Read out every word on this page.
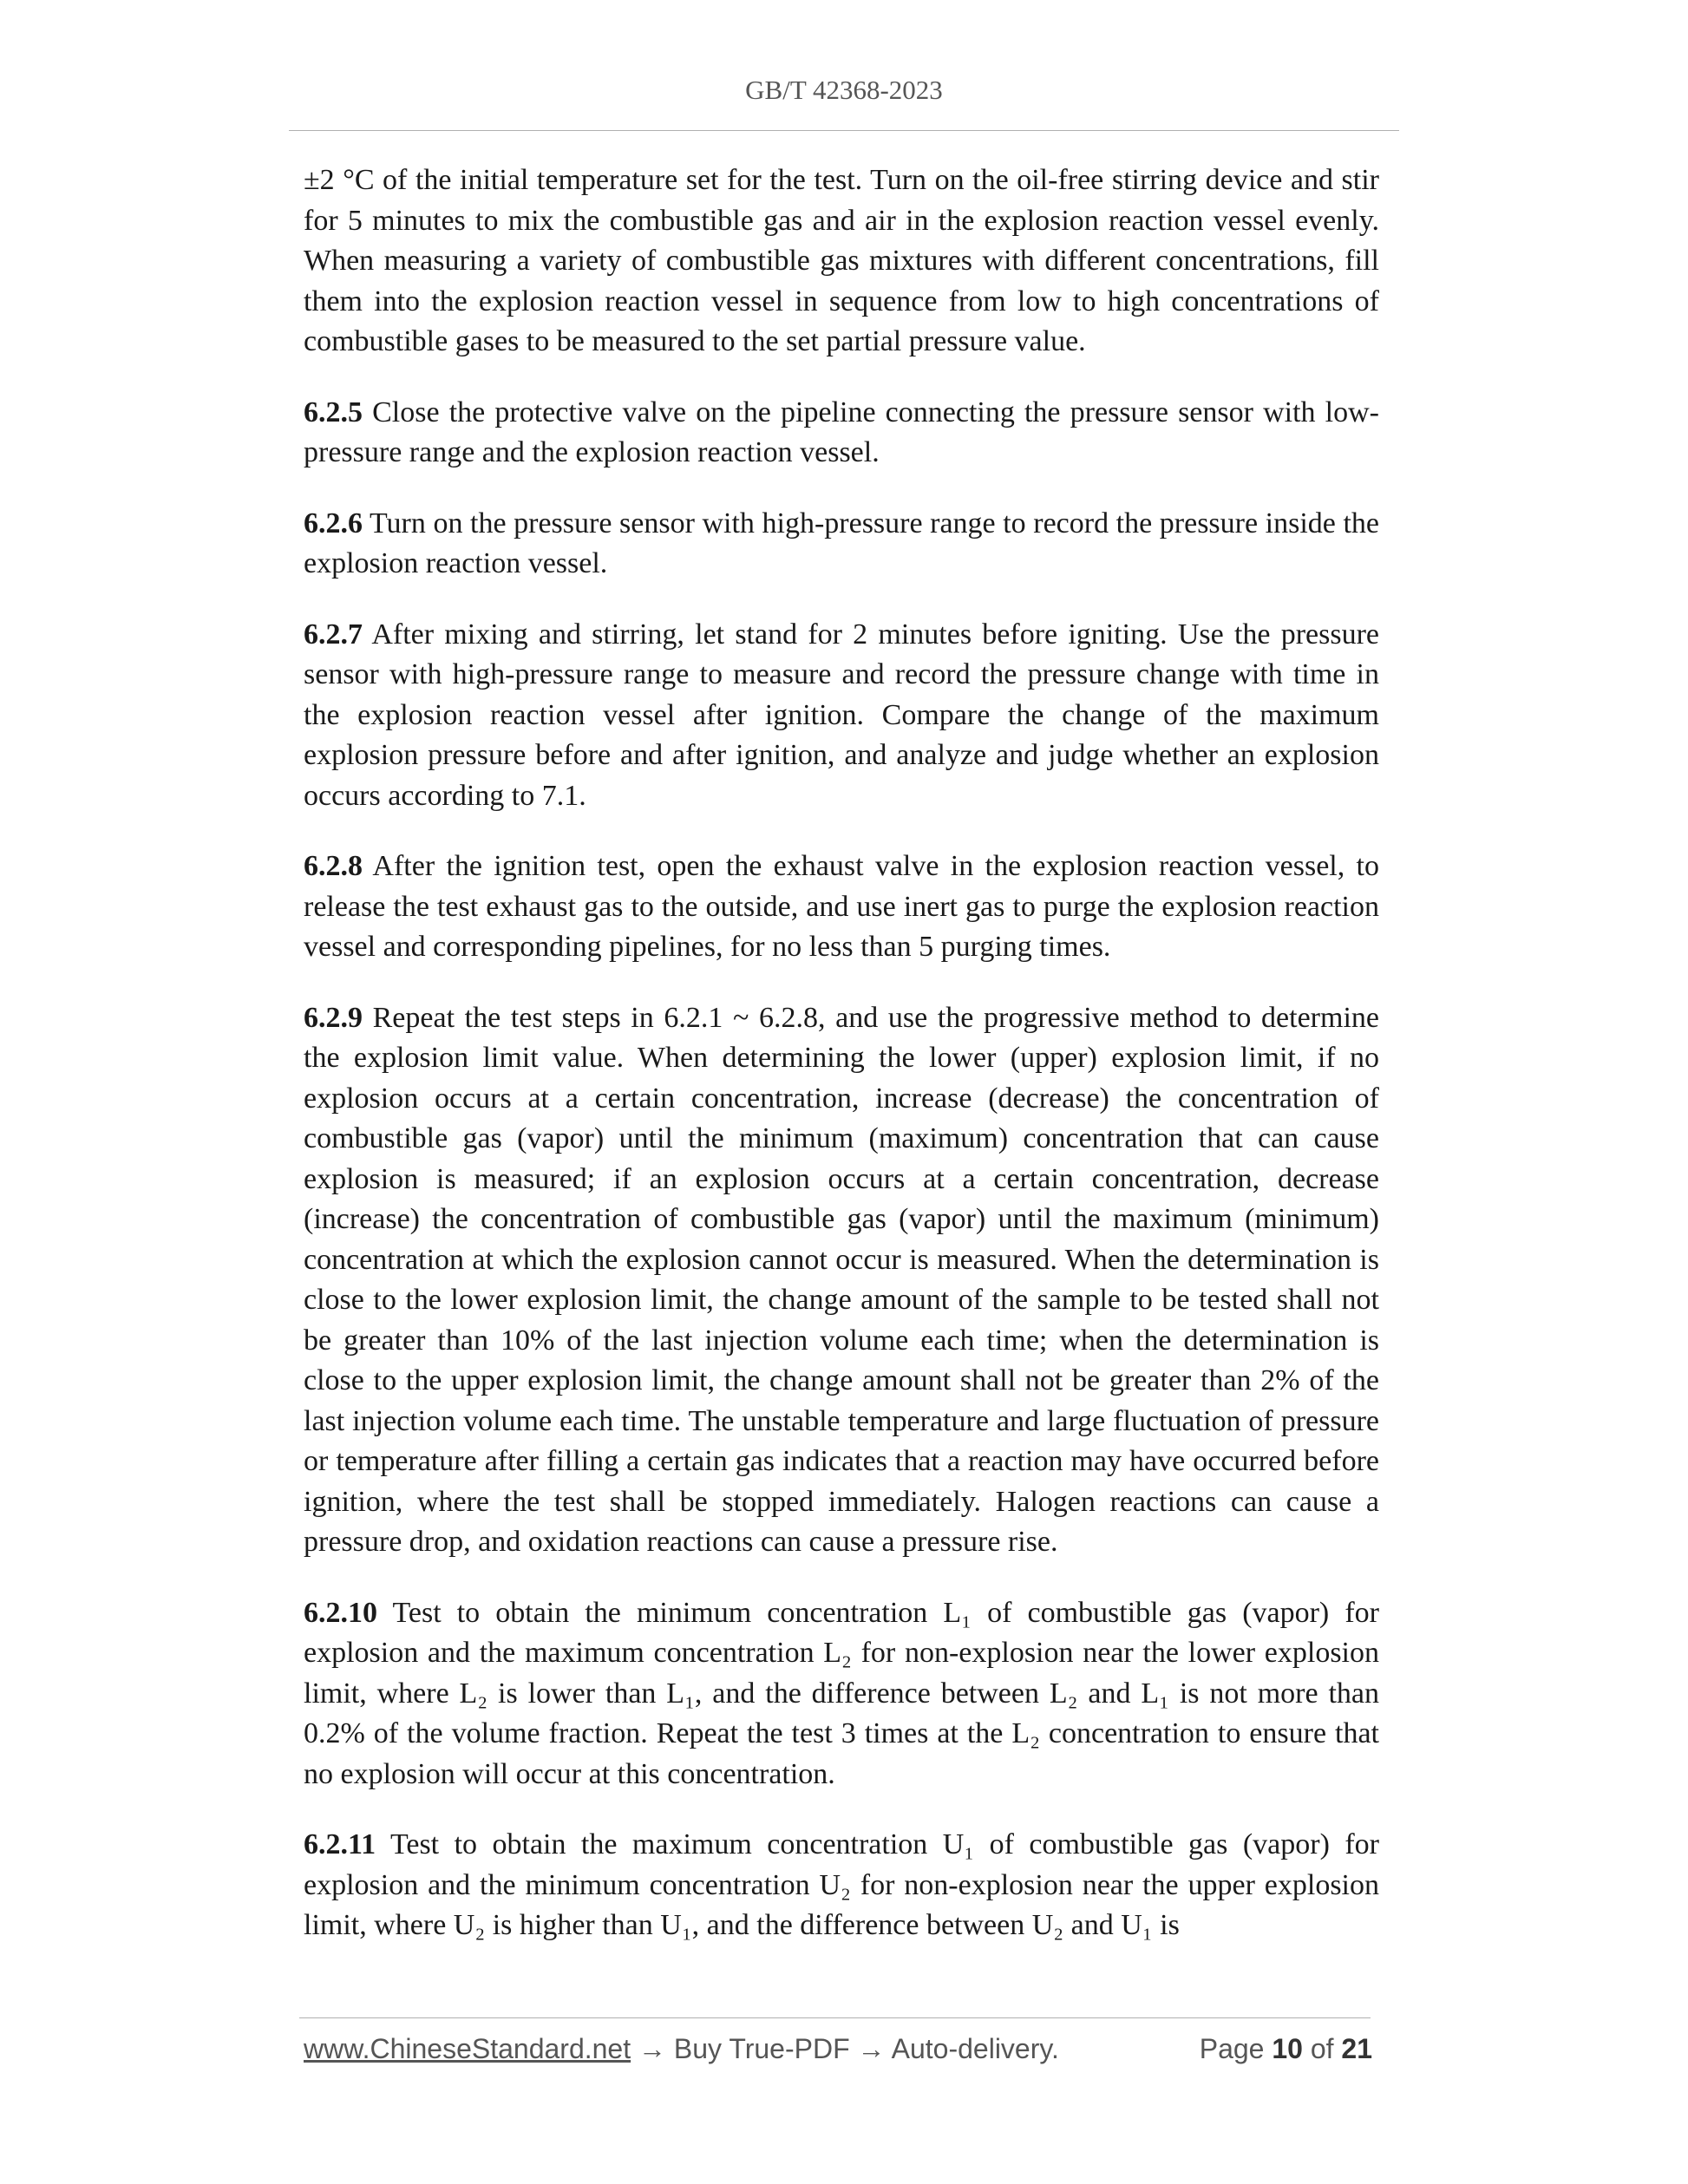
GB/T 42368-2023

±2 °C of the initial temperature set for the test. Turn on the oil-free stirring device and stir for 5 minutes to mix the combustible gas and air in the explosion reaction vessel evenly. When measuring a variety of combustible gas mixtures with different concentrations, fill them into the explosion reaction vessel in sequence from low to high concentrations of combustible gases to be measured to the set partial pressure value.

6.2.5 Close the protective valve on the pipeline connecting the pressure sensor with low-pressure range and the explosion reaction vessel.

6.2.6 Turn on the pressure sensor with high-pressure range to record the pressure inside the explosion reaction vessel.

6.2.7 After mixing and stirring, let stand for 2 minutes before igniting. Use the pressure sensor with high-pressure range to measure and record the pressure change with time in the explosion reaction vessel after ignition. Compare the change of the maximum explosion pressure before and after ignition, and analyze and judge whether an explosion occurs according to 7.1.

6.2.8 After the ignition test, open the exhaust valve in the explosion reaction vessel, to release the test exhaust gas to the outside, and use inert gas to purge the explosion reaction vessel and corresponding pipelines, for no less than 5 purging times.

6.2.9 Repeat the test steps in 6.2.1 ~ 6.2.8, and use the progressive method to determine the explosion limit value. When determining the lower (upper) explosion limit, if no explosion occurs at a certain concentration, increase (decrease) the concentration of combustible gas (vapor) until the minimum (maximum) concentration that can cause explosion is measured; if an explosion occurs at a certain concentration, decrease (increase) the concentration of combustible gas (vapor) until the maximum (minimum) concentration at which the explosion cannot occur is measured. When the determination is close to the lower explosion limit, the change amount of the sample to be tested shall not be greater than 10% of the last injection volume each time; when the determination is close to the upper explosion limit, the change amount shall not be greater than 2% of the last injection volume each time. The unstable temperature and large fluctuation of pressure or temperature after filling a certain gas indicates that a reaction may have occurred before ignition, where the test shall be stopped immediately. Halogen reactions can cause a pressure drop, and oxidation reactions can cause a pressure rise.

6.2.10 Test to obtain the minimum concentration L₁ of combustible gas (vapor) for explosion and the maximum concentration L₂ for non-explosion near the lower explosion limit, where L₂ is lower than L₁, and the difference between L₂ and L₁ is not more than 0.2% of the volume fraction. Repeat the test 3 times at the L₂ concentration to ensure that no explosion will occur at this concentration.

6.2.11 Test to obtain the maximum concentration U₁ of combustible gas (vapor) for explosion and the minimum concentration U₂ for non-explosion near the upper explosion limit, where U₂ is higher than U₁, and the difference between U₂ and U₁ is

www.ChineseStandard.net → Buy True-PDF → Auto-delivery.	Page 10 of 21
